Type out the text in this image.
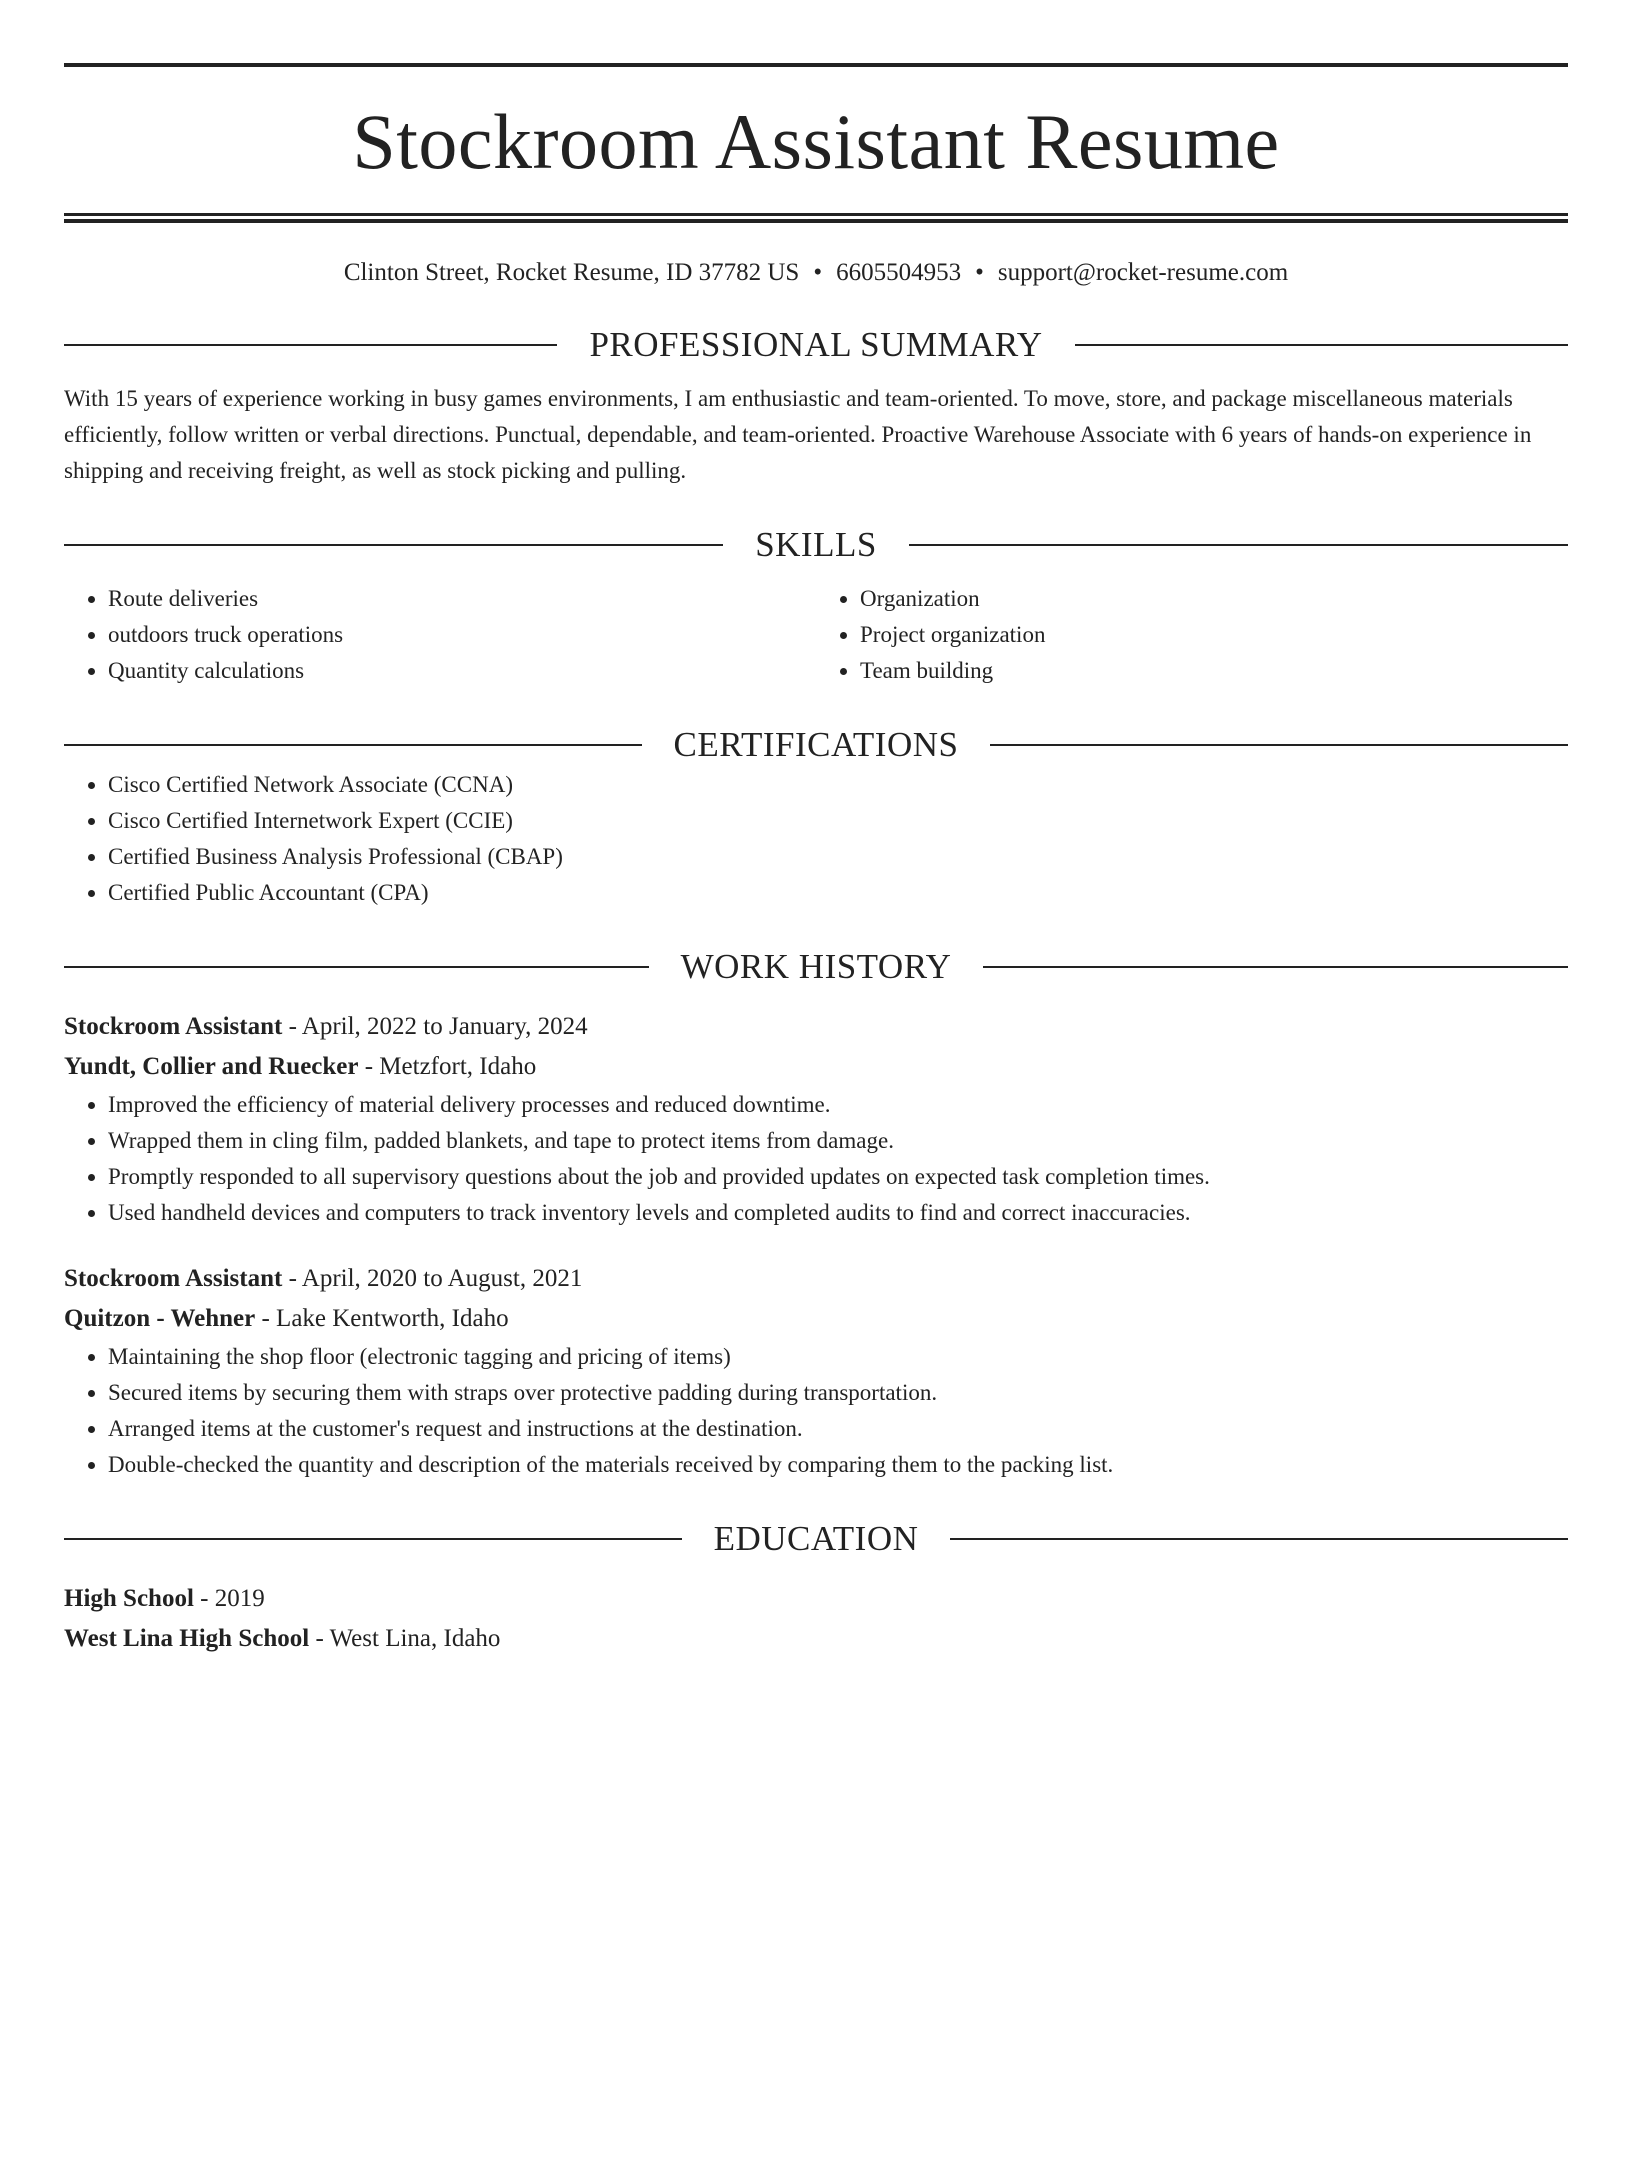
Stockroom Assistant Resume
Clinton Street, Rocket Resume, ID 37782 US • 6605504953 • support@rocket-resume.com
PROFESSIONAL SUMMARY
With 15 years of experience working in busy games environments, I am enthusiastic and team-oriented. To move, store, and package miscellaneous materials efficiently, follow written or verbal directions. Punctual, dependable, and team-oriented. Proactive Warehouse Associate with 6 years of hands-on experience in shipping and receiving freight, as well as stock picking and pulling.
SKILLS
• Route deliveries
• outdoors truck operations
• Quantity calculations
• Organization
• Project organization
• Team building
CERTIFICATIONS
• Cisco Certified Network Associate (CCNA)
• Cisco Certified Internetwork Expert (CCIE)
• Certified Business Analysis Professional (CBAP)
• Certified Public Accountant (CPA)
WORK HISTORY
Stockroom Assistant - April, 2022 to January, 2024
Yundt, Collier and Ruecker - Metzfort, Idaho
• Improved the efficiency of material delivery processes and reduced downtime.
• Wrapped them in cling film, padded blankets, and tape to protect items from damage.
• Promptly responded to all supervisory questions about the job and provided updates on expected task completion times.
• Used handheld devices and computers to track inventory levels and completed audits to find and correct inaccuracies.
Stockroom Assistant - April, 2020 to August, 2021
Quitzon - Wehner - Lake Kentworth, Idaho
• Maintaining the shop floor (electronic tagging and pricing of items)
• Secured items by securing them with straps over protective padding during transportation.
• Arranged items at the customer's request and instructions at the destination.
• Double-checked the quantity and description of the materials received by comparing them to the packing list.
EDUCATION
High School - 2019
West Lina High School - West Lina, Idaho
